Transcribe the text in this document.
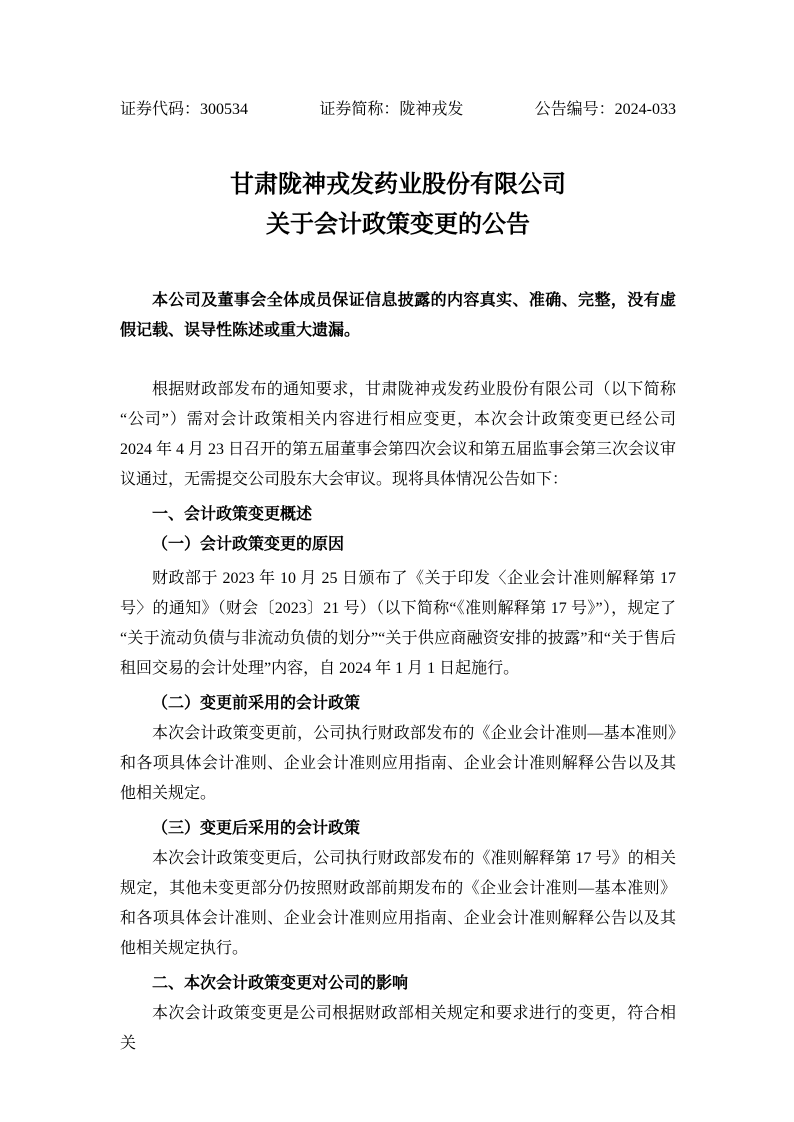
证券代码：300534	证券简称：陇神戎发	公告编号：2024-033
甘肃陇神戎发药业股份有限公司
关于会计政策变更的公告

本公司及董事会全体成员保证信息披露的内容真实、准确、完整，没有虚假记载、误导性陈述或重大遗漏。

根据财政部发布的通知要求，甘肃陇神戎发药业股份有限公司（以下简称“公司”）需对会计政策相关内容进行相应变更，本次会计政策变更已经公司 2024 年 4 月 23 日召开的第五届董事会第四次会议和第五届监事会第三次会议审议通过，无需提交公司股东大会审议。现将具体情况公告如下：

一、会计政策变更概述

（一）会计政策变更的原因

财政部于 2023 年 10 月 25 日颁布了《关于印发〈企业会计准则解释第 17 号〉的通知》（财会〔2023〕21 号）（以下简称“《准则解释第 17 号》”），规定了“关于流动负债与非流动负债的划分”“关于供应商融资安排的披露”和“关于售后租回交易的会计处理”内容，自 2024 年 1 月 1 日起施行。

（二）变更前采用的会计政策

本次会计政策变更前，公司执行财政部发布的《企业会计准则—基本准则》和各项具体会计准则、企业会计准则应用指南、企业会计准则解释公告以及其他相关规定。

（三）变更后采用的会计政策

本次会计政策变更后，公司执行财政部发布的《准则解释第 17 号》的相关规定，其他未变更部分仍按照财政部前期发布的《企业会计准则—基本准则》和各项具体会计准则、企业会计准则应用指南、企业会计准则解释公告以及其他相关规定执行。

二、本次会计政策变更对公司的影响

本次会计政策变更是公司根据财政部相关规定和要求进行的变更，符合相关
